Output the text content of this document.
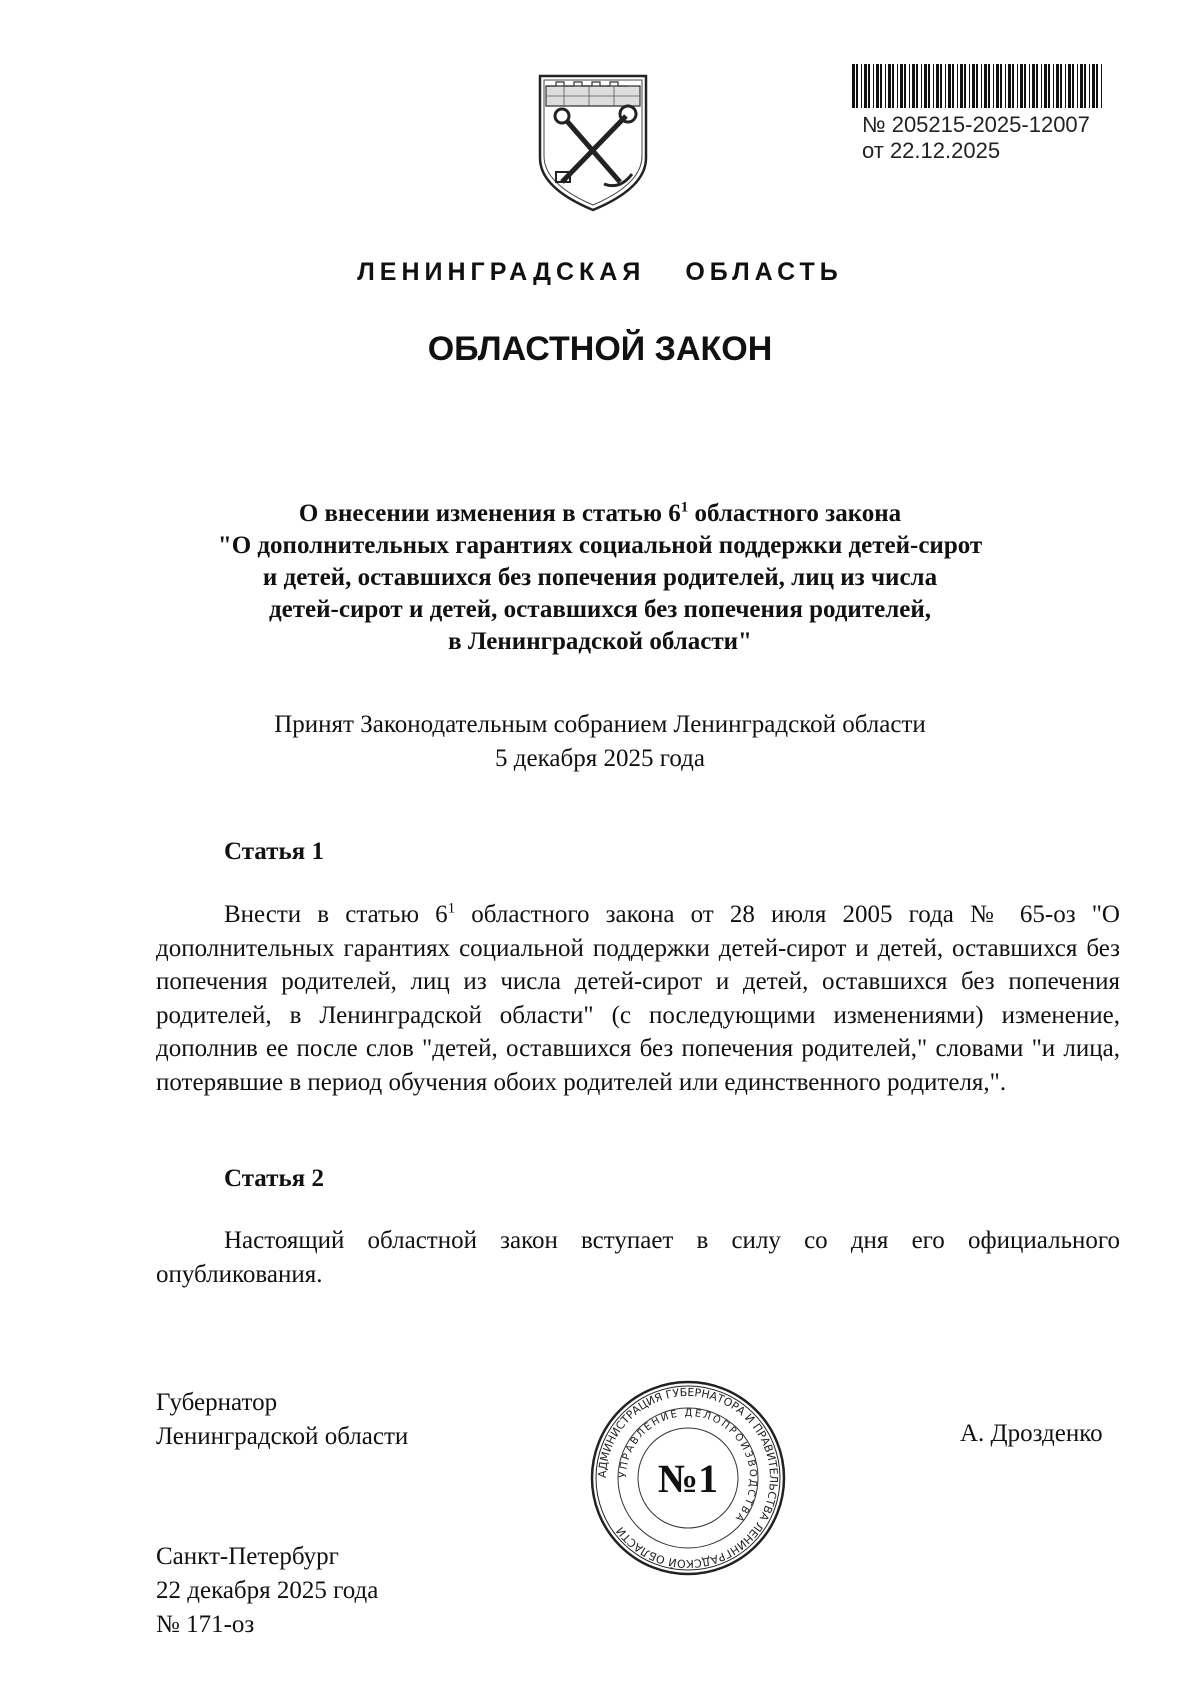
№ 205215-2025-12007
от 22.12.2025
ЛЕНИНГРАДСКАЯ ОБЛАСТЬ
ОБЛАСТНОЙ ЗАКОН
О внесении изменения в статью $6^1$ областного закона
"О дополнительных гарантиях социальной поддержки детей-сирот
и детей, оставшихся без попечения родителей, лиц из числа
детей-сирот и детей, оставшихся без попечения родителей,
в Ленинградской области"
Принят Законодательным собранием Ленинградской области
5 декабря 2025 года
Статья 1
Внести в статью $6^1$ областного закона от 28 июля 2005 года № 65-оз "О дополнительных гарантиях социальной поддержки детей-сирот и детей, оставшихся без попечения родителей, лиц из числа детей-сирот и детей, оставшихся без попечения родителей, в Ленинградской области" (с последующими изменениями) изменение, дополнив ее после слов "детей, оставшихся без попечения родителей," словами "и лица, потерявшие в период обучения обоих родителей или единственного родителя,".
Статья 2
Настоящий областной закон вступает в силу со дня его официального опубликования.
Губернатор
Ленинградской области	А. Дрозденко
АДМИНИСТРАЦИЯ ГУБЕРНАТОРА И ПРАВИТЕЛЬСТВА ЛЕНИНГРАДСКОЙ ОБЛАСТИ
УПРАВЛЕНИЕ ДЕЛОПРОИЗВОДСТВА
№1
Санкт-Петербург
22 декабря 2025 года
№ 171-оз
